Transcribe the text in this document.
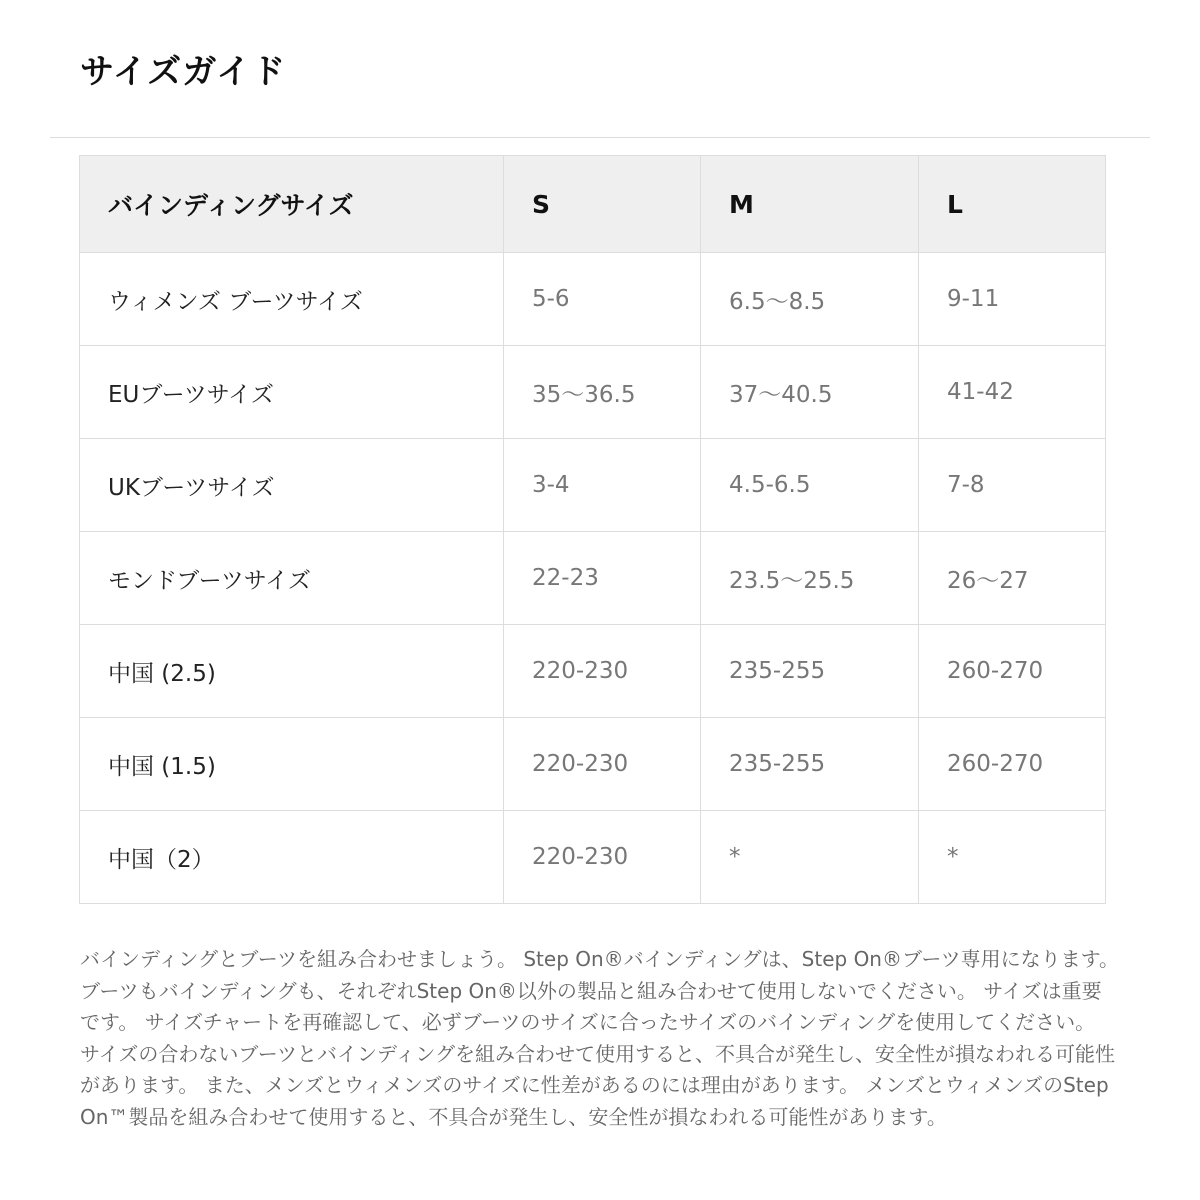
サイズガイド
バインディングサイズ	S	M	L
ウィメンズ ブーツサイズ	5-6	6.5〜8.5	9-11
EUブーツサイズ	35〜36.5	37〜40.5	41-42
UKブーツサイズ	3-4	4.5-6.5	7-8
モンドブーツサイズ	22-23	23.5〜25.5	26〜27
中国 (2.5)	220-230	235-255	260-270
中国 (1.5)	220-230	235-255	260-270
中国（2）	220-230	*	*

バインディングとブーツを組み合わせましょう。 Step On®バインディングは、Step On®ブーツ専用になります。 ブーツもバインディングも、それぞれStep On®以外の製品と組み合わせて使用しないでください。 サイズは重要です。 サイズチャートを再確認して、必ずブーツのサイズに合ったサイズのバインディングを使用してください。 サイズの合わないブーツとバインディングを組み合わせて使用すると、不具合が発生し、安全性が損なわれる可能性があります。 また、メンズとウィメンズのサイズに性差があるのには理由があります。 メンズとウィメンズのStep On™製品を組み合わせて使用すると、不具合が発生し、安全性が損なわれる可能性があります。
